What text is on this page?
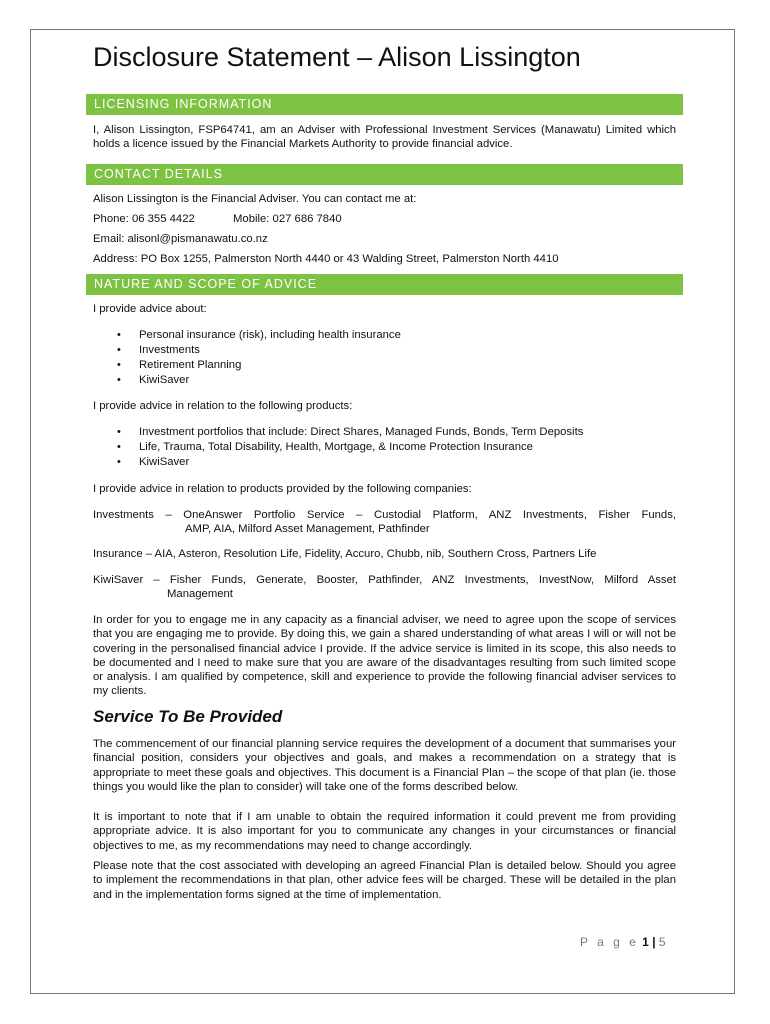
Disclosure Statement – Alison Lissington
LICENSING INFORMATION

I, Alison Lissington, FSP64741, am an Adviser with Professional Investment Services (Manawatu) Limited which holds a licence issued by the Financial Markets Authority to provide financial advice.

CONTACT DETAILS

Alison Lissington is the Financial Adviser. You can contact me at:

Phone: 06 355 4422	Mobile: 027 686 7840

Email: alisonl@pismanawatu.co.nz

Address: PO Box 1255, Palmerston North 4440 or 43 Walding Street, Palmerston North 4410

NATURE AND SCOPE OF ADVICE

I provide advice about:

• Personal insurance (risk), including health insurance
• Investments
• Retirement Planning
• KiwiSaver

I provide advice in relation to the following products:

• Investment portfolios that include: Direct Shares, Managed Funds, Bonds, Term Deposits
• Life, Trauma, Total Disability, Health, Mortgage, & Income Protection Insurance
• KiwiSaver

I provide advice in relation to products provided by the following companies:

Investments – OneAnswer Portfolio Service – Custodial Platform, ANZ Investments, Fisher Funds,

AMP, AIA, Milford Asset Management, Pathfinder

Insurance – AIA, Asteron, Resolution Life, Fidelity, Accuro, Chubb, nib, Southern Cross, Partners Life

KiwiSaver – Fisher Funds, Generate, Booster, Pathfinder, ANZ Investments, InvestNow, Milford Asset

Management

In order for you to engage me in any capacity as a financial adviser, we need to agree upon the scope of services that you are engaging me to provide. By doing this, we gain a shared understanding of what areas I will or will not be covering in the personalised financial advice I provide. If the advice service is limited in its scope, this also needs to be documented and I need to make sure that you are aware of the disadvantages resulting from such limited scope or analysis. I am qualified by competence, skill and experience to provide the following financial adviser services to my clients.

Service To Be Provided

The commencement of our financial planning service requires the development of a document that summarises your financial position, considers your objectives and goals, and makes a recommendation on a strategy that is appropriate to meet these goals and objectives. This document is a Financial Plan – the scope of that plan (ie. those things you would like the plan to consider) will take one of the forms described below.

It is important to note that if I am unable to obtain the required information it could prevent me from providing appropriate advice. It is also important for you to communicate any changes in your circumstances or financial objectives to me, as my recommendations may need to change accordingly.

Please note that the cost associated with developing an agreed Financial Plan is detailed below. Should you agree to implement the recommendations in that plan, other advice fees will be charged. These will be detailed in the plan and in the implementation forms signed at the time of implementation.

P a g e 1 | 5
